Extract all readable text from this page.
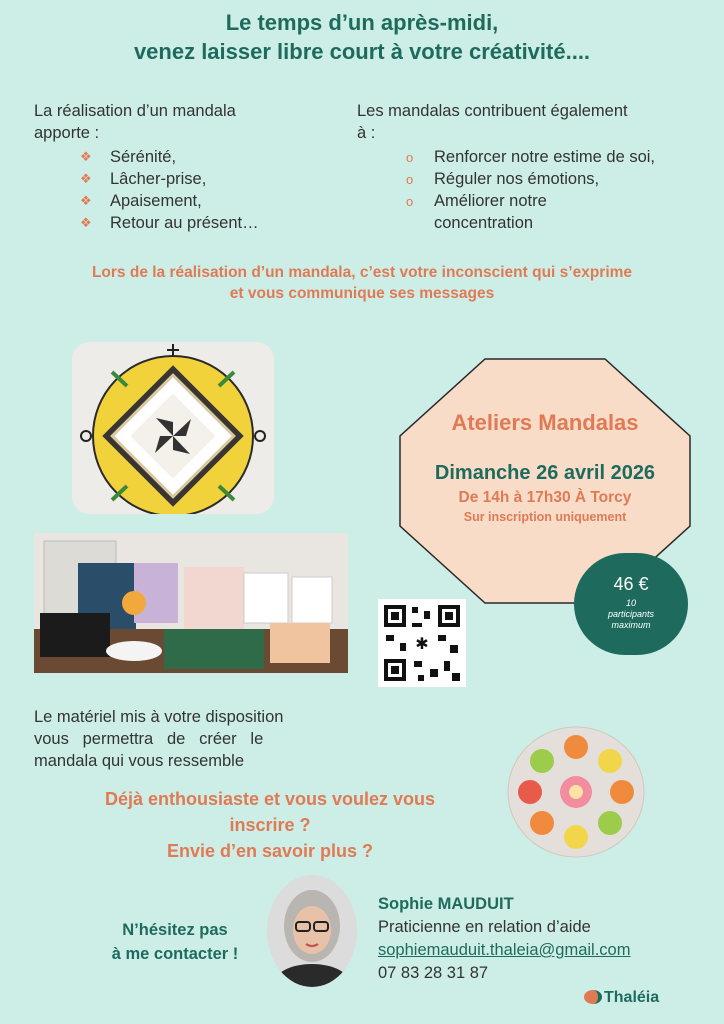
Le temps d’un après-midi,
venez laisser libre court à votre créativité....
La réalisation d’un mandala
apporte :
❖ Sérénité,
❖ Lâcher-prise,
❖ Apaisement,
❖ Retour au présent…
Les mandalas contribuent également
à :
o Renforcer notre estime de soi,
o Réguler nos émotions,
o Améliorer notre
concentration
Lors de la réalisation d’un mandala, c’est votre inconscient qui s’exprime
et vous communique ses messages
Ateliers Mandalas
Dimanche 26 avril 2026
De 14h à 17h30 À Torcy
Sur inscription uniquement
46 €
10
participants
maximum
✱
Le matériel mis à votre disposition
vous   permettra   de   créer   le
mandala qui vous ressemble
Déjà enthousiaste et vous voulez vous
inscrire ?
Envie d’en savoir plus ?
N’hésitez pas
à me contacter !
Sophie MAUDUIT
Praticienne en relation d’aide
sophiemauduit.thaleia@gmail.com
07 83 28 31 87
Thaléia
